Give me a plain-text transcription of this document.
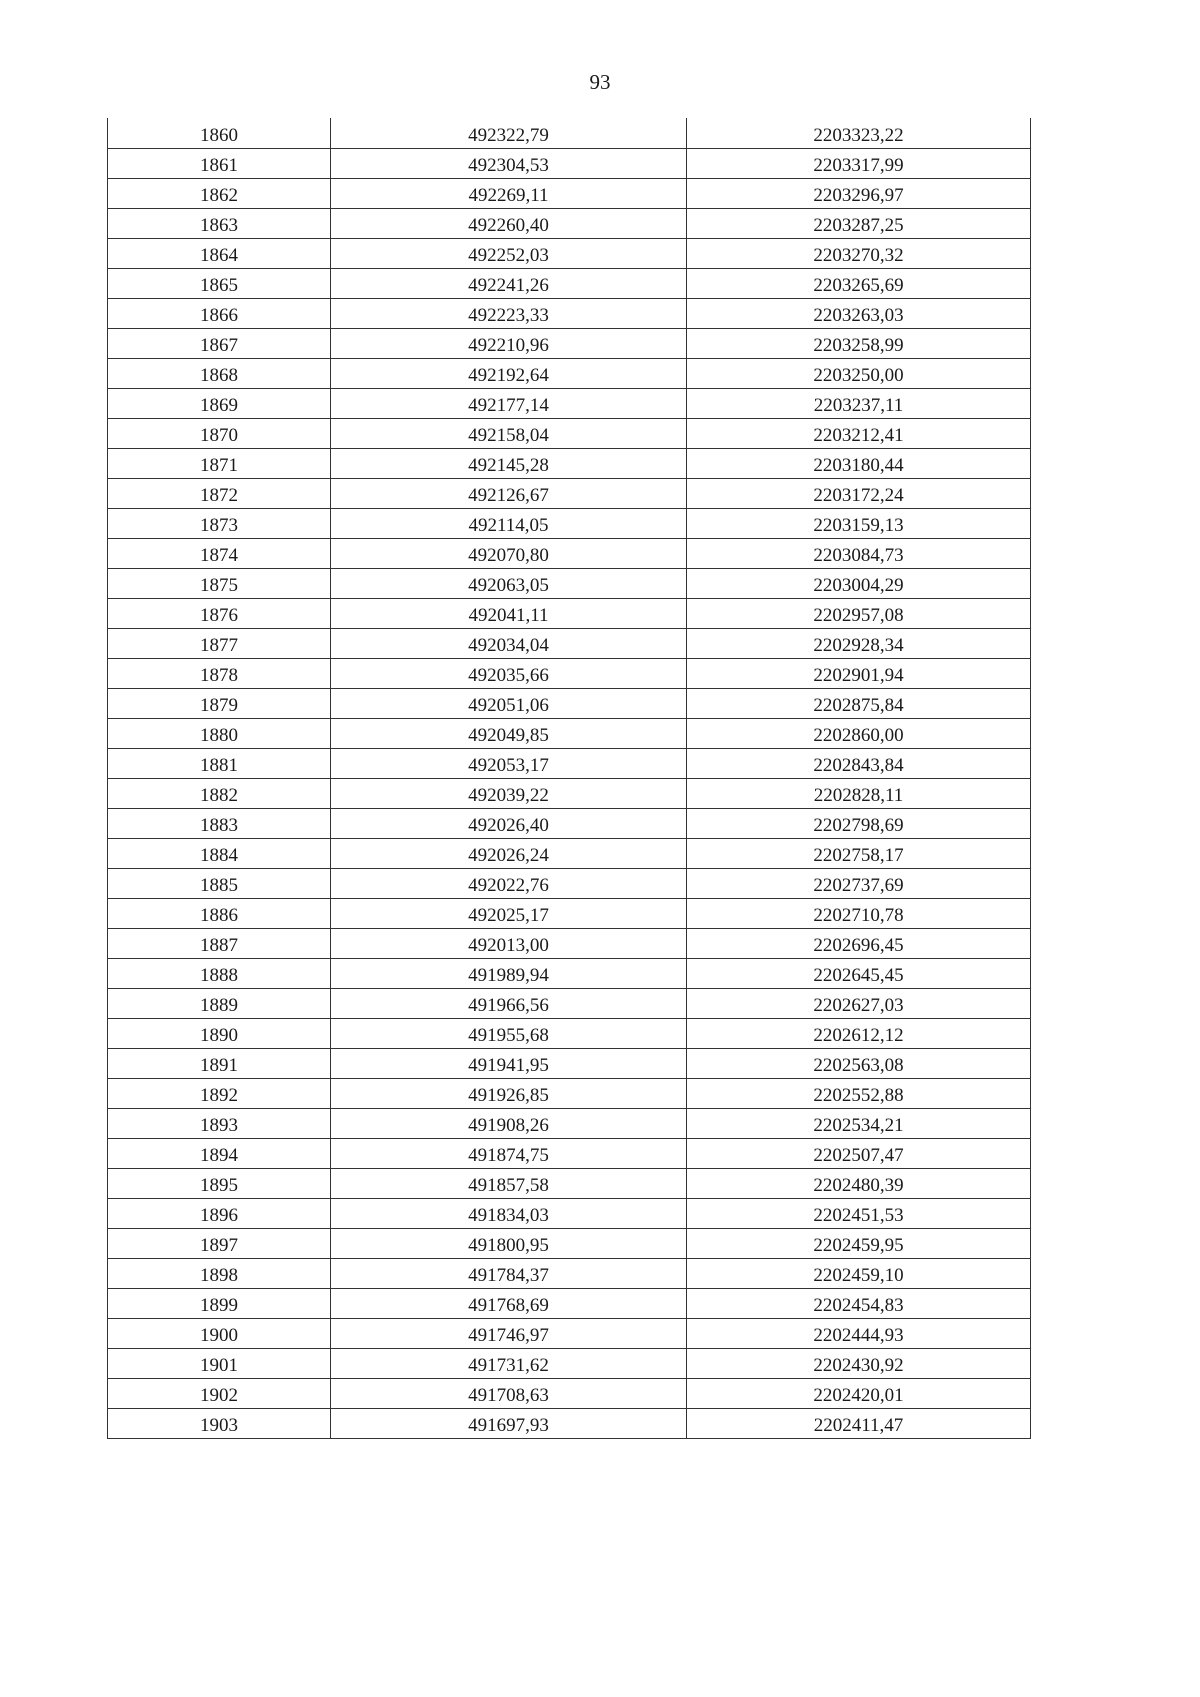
93
1860	492322,79	2203323,22
1861	492304,53	2203317,99
1862	492269,11	2203296,97
1863	492260,40	2203287,25
1864	492252,03	2203270,32
1865	492241,26	2203265,69
1866	492223,33	2203263,03
1867	492210,96	2203258,99
1868	492192,64	2203250,00
1869	492177,14	2203237,11
1870	492158,04	2203212,41
1871	492145,28	2203180,44
1872	492126,67	2203172,24
1873	492114,05	2203159,13
1874	492070,80	2203084,73
1875	492063,05	2203004,29
1876	492041,11	2202957,08
1877	492034,04	2202928,34
1878	492035,66	2202901,94
1879	492051,06	2202875,84
1880	492049,85	2202860,00
1881	492053,17	2202843,84
1882	492039,22	2202828,11
1883	492026,40	2202798,69
1884	492026,24	2202758,17
1885	492022,76	2202737,69
1886	492025,17	2202710,78
1887	492013,00	2202696,45
1888	491989,94	2202645,45
1889	491966,56	2202627,03
1890	491955,68	2202612,12
1891	491941,95	2202563,08
1892	491926,85	2202552,88
1893	491908,26	2202534,21
1894	491874,75	2202507,47
1895	491857,58	2202480,39
1896	491834,03	2202451,53
1897	491800,95	2202459,95
1898	491784,37	2202459,10
1899	491768,69	2202454,83
1900	491746,97	2202444,93
1901	491731,62	2202430,92
1902	491708,63	2202420,01
1903	491697,93	2202411,47
